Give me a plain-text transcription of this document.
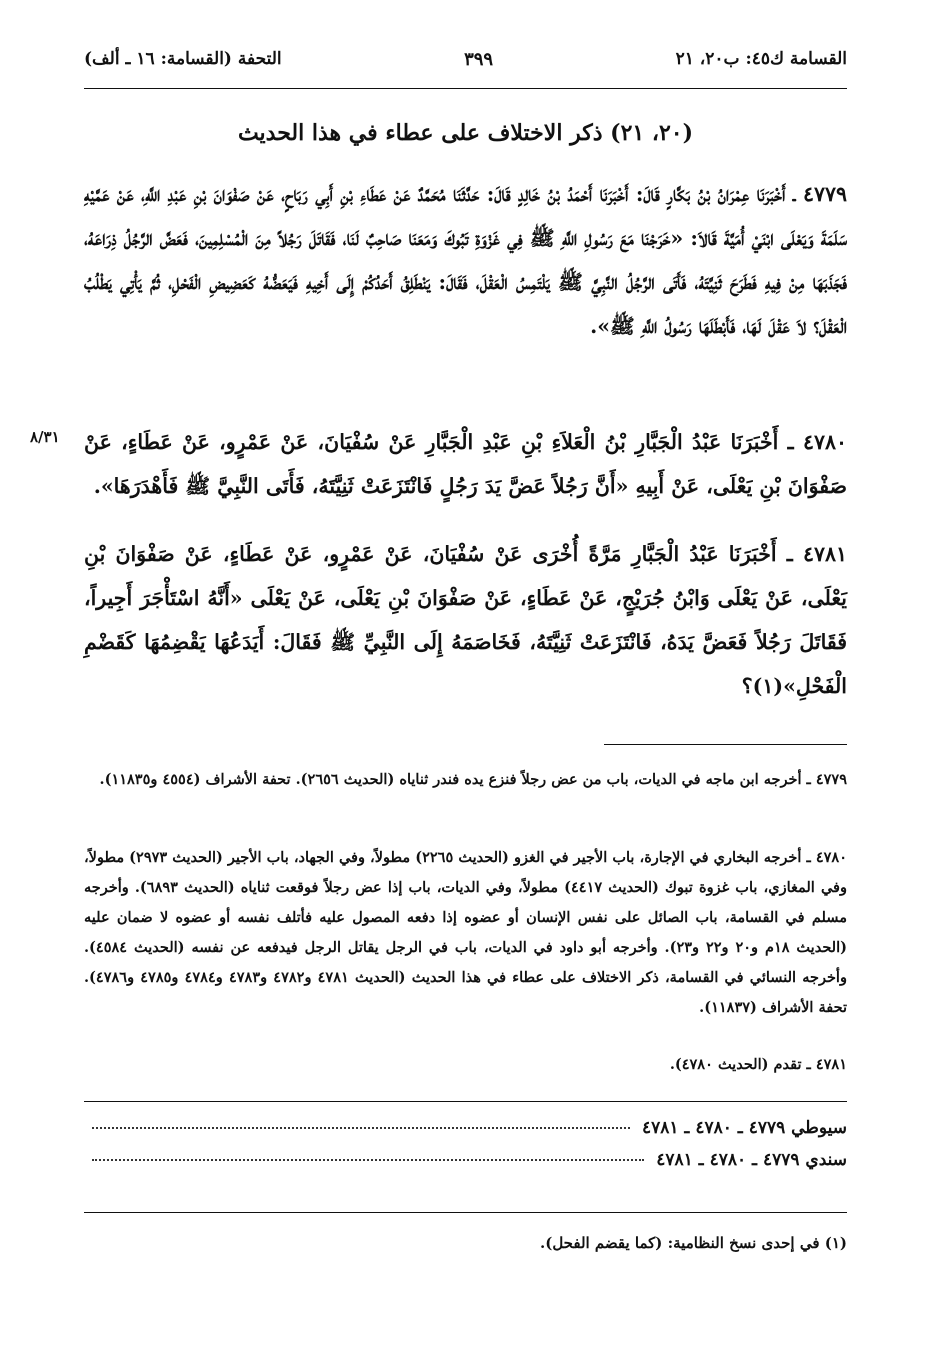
القسامة ك٤٥: ب٢٠، ٢١
٣٩٩
التحفة (القسامة: ١٦ ـ ألف)
(٢٠، ٢١) ذكر الاختلاف على عطاء في هذا الحديث
٤٧٧٩ ـ أَخْبَرَنَا عِمْرَانُ بْنُ بَكَّارٍ قَالَ: أَخْبَرَنَا أَحْمَدُ بْنُ خَالِدٍ قَالَ: حَدَّثَنَا مُحَمَّدٌ عَنْ عَطَاءِ بْنِ أَبِي رَبَاحٍ، عَنْ صَفْوَانَ بْنِ عَبْدِ اللَّهِ، عَنْ عَمَّيْهِ سَلَمَةَ وَيَعْلَى ابْنَيْ أُمَيَّةَ قَالاَ: «خَرَجْنَا مَعَ رَسُولِ اللَّهِ ﷺ فِي غَزْوَةِ تَبُوكَ وَمَعَنَا صَاحِبٌ لَنَا، فَقَاتَلَ رَجُلاً مِنَ الْمُسْلِمِينَ، فَعَضَّ الرَّجُلُ ذِرَاعَهُ، فَجَذَبَهَا مِنْ فِيهِ فَطَرَحَ ثَنِيَّتَهُ، فَأَتَى الرَّجُلُ النَّبِيَّ ﷺ يَلْتَمِسُ الْعَقْلَ، فَقَالَ: يَنْطَلِقُ أَحَدُكُمْ إِلَى أَخِيهِ فَيَعَضُّهُ كَعَضِيضِ الْفَحْلِ، ثُمَّ يَأْتِي يَطْلُبُ الْعَقْلَ؟ لاَ عَقْلَ لَهَا، فَأَبْطَلَهَا رَسُولُ اللَّهِ ﷺ».
٨/٣١	٤٧٨٠ ـ أَخْبَرَنَا عَبْدُ الْجَبَّارِ بْنُ الْعَلاَءِ بْنِ عَبْدِ الْجَبَّارِ عَنْ سُفْيَانَ، عَنْ عَمْرٍو، عَنْ عَطَاءٍ، عَنْ صَفْوَانَ بْنِ يَعْلَى، عَنْ أَبِيهِ «أَنَّ رَجُلاً عَضَّ يَدَ رَجُلٍ فَانْتَزَعَتْ ثَنِيَّتَهُ، فَأَتَى النَّبِيَّ ﷺ فَأَهْدَرَهَا».
٤٧٨١ ـ أَخْبَرَنَا عَبْدُ الْجَبَّارِ مَرَّةً أُخْرَى عَنْ سُفْيَانَ، عَنْ عَمْرٍو، عَنْ عَطَاءٍ، عَنْ صَفْوَانَ بْنِ يَعْلَى، عَنْ يَعْلَى وَابْنُ جُرَيْجٍ، عَنْ عَطَاءٍ، عَنْ صَفْوَانَ بْنِ يَعْلَى، عَنْ يَعْلَى «أَنَّهُ اسْتَأْجَرَ أَجِيراً، فَقَاتَلَ رَجُلاً فَعَضَّ يَدَهُ، فَانْتَزَعَتْ ثَنِيَّتَهُ، فَخَاصَمَهُ إِلَى النَّبِيِّ ﷺ فَقَالَ: أَيَدَعُهَا يَقْضِمُهَا كَقَضْمِ الْفَحْلِ»(١)؟
٤٧٧٩ ـ أخرجه ابن ماجه في الديات، باب من عض رجلاً فنزع يده فندر ثناياه (الحديث ٢٦٥٦). تحفة الأشراف (٤٥٥٤ و١١٨٣٥).
٤٧٨٠ ـ أخرجه البخاري في الإجارة، باب الأجير في الغزو (الحديث ٢٢٦٥) مطولاً، وفي الجهاد، باب الأجير (الحديث ٢٩٧٣) مطولاً، وفي المغازي، باب غزوة تبوك (الحديث ٤٤١٧) مطولاً، وفي الديات، باب إذا عض رجلاً فوقعت ثناياه (الحديث ٦٨٩٣). وأخرجه مسلم في القسامة، باب الصائل على نفس الإنسان أو عضوه إذا دفعه المصول عليه فأتلف نفسه أو عضوه لا ضمان عليه (الحديث ١٨م و٢٠ و٢٢ و٢٣). وأخرجه أبو داود في الديات، باب في الرجل يقاتل الرجل فيدفعه عن نفسه (الحديث ٤٥٨٤). وأخرجه النسائي في القسامة، ذكر الاختلاف على عطاء في هذا الحديث (الحديث ٤٧٨١ و٤٧٨٢ و٤٧٨٣ و٤٧٨٤ و٤٧٨٥ و٤٧٨٦). تحفة الأشراف (١١٨٣٧).
٤٧٨١ ـ تقدم (الحديث ٤٧٨٠).
سيوطي

٤٧٧٩ ـ ٤٧٨٠ ـ ٤٧٨١
سندي

٤٧٧٩ ـ ٤٧٨٠ ـ ٤٧٨١
(١) في إحدى نسخ النظامية: (كما يقضم الفحل).
